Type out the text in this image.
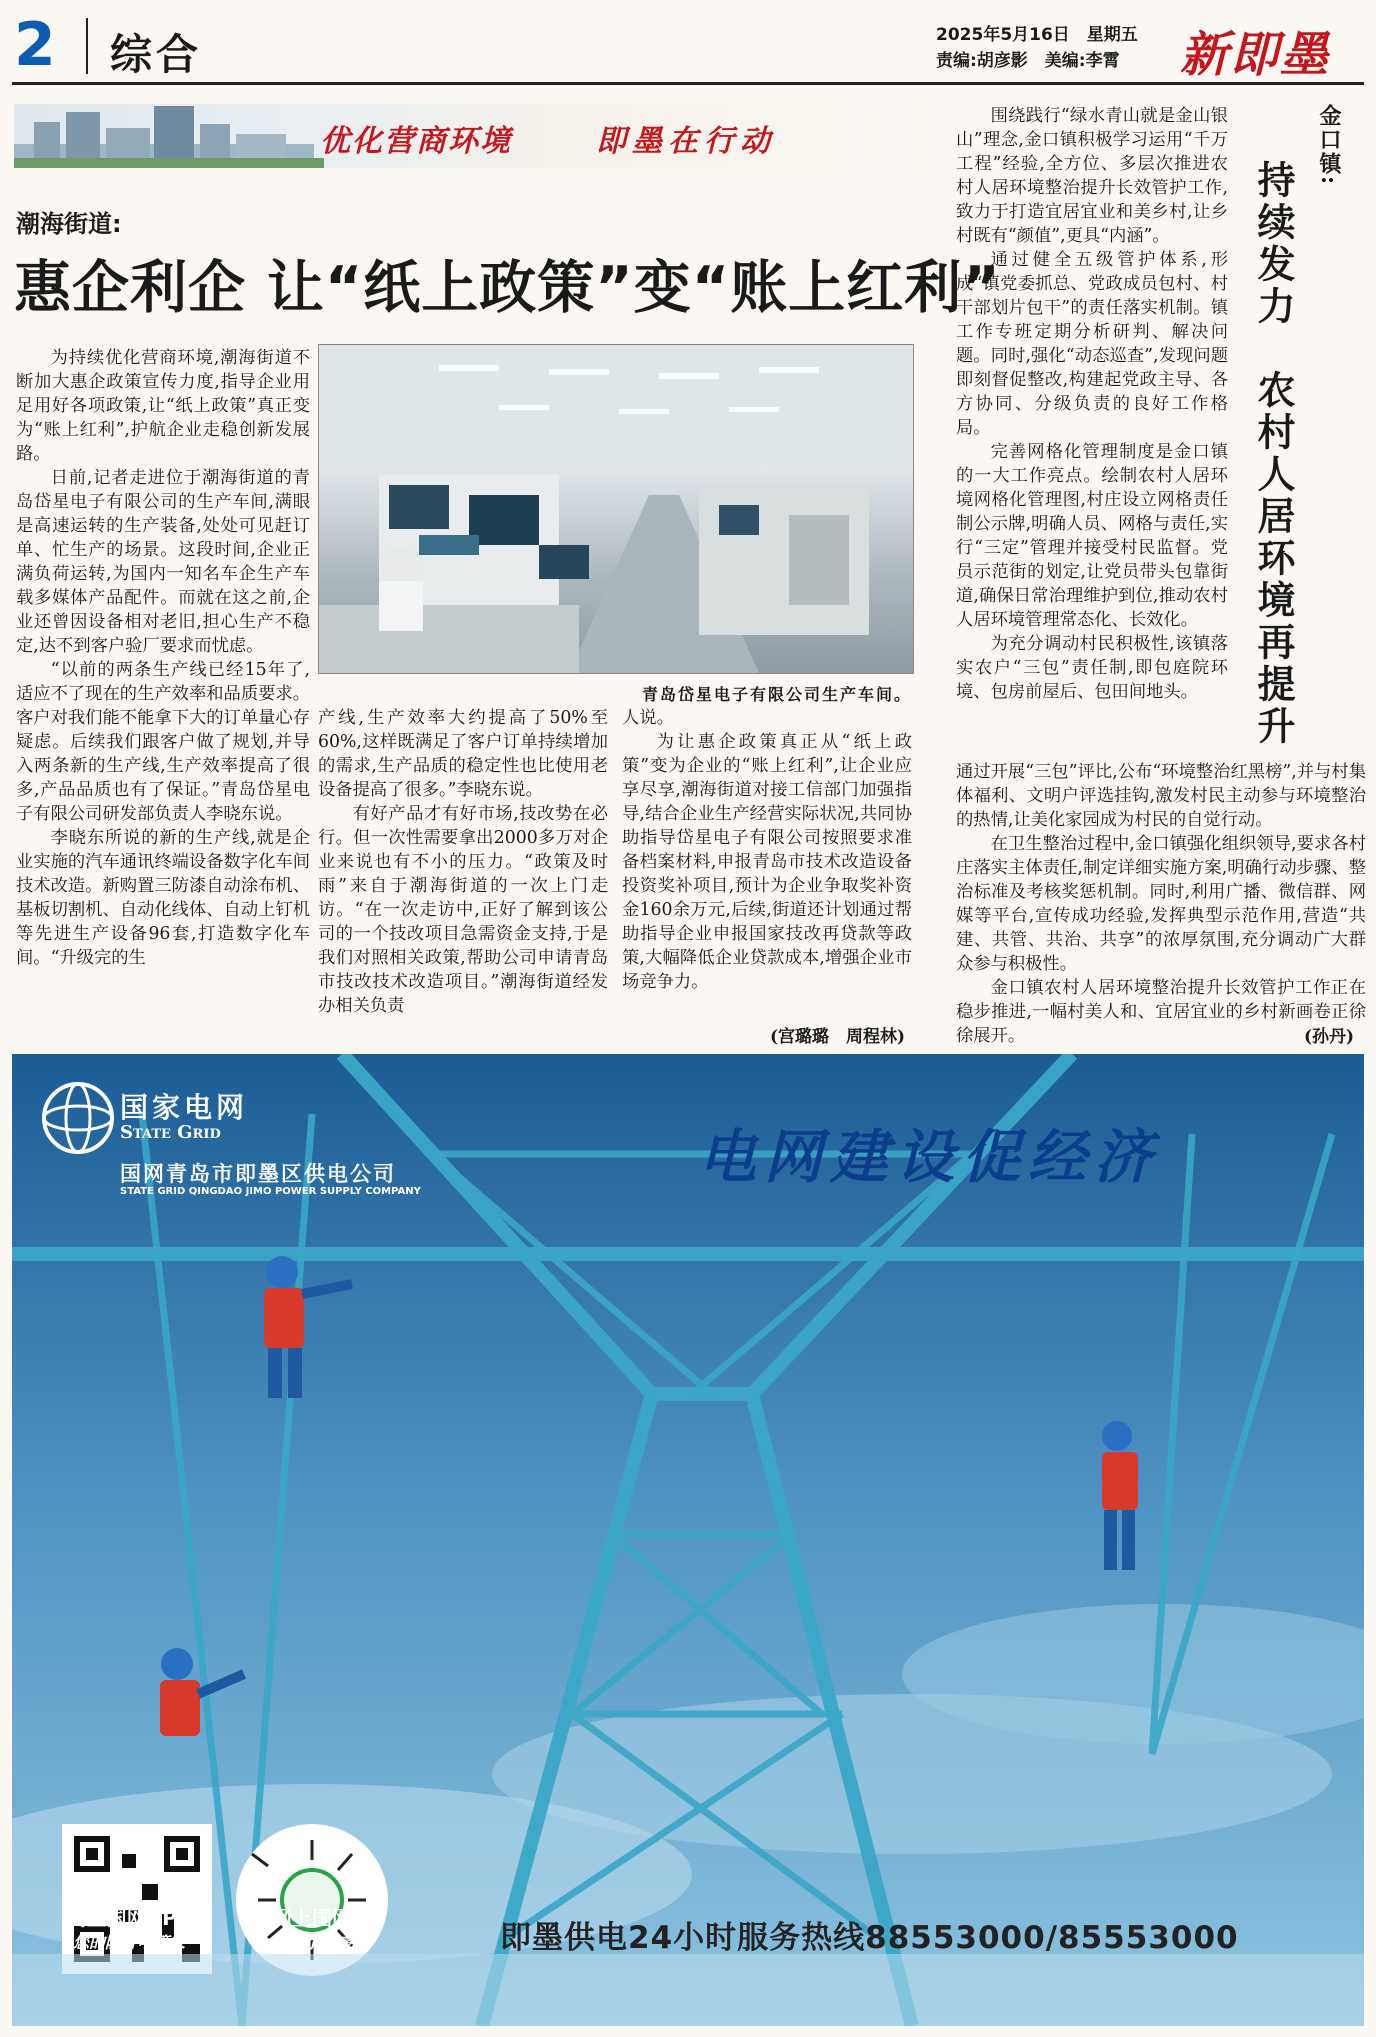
2	综合	2025年5月16日　星期五
责编:胡彦影　美编:李霄	新即墨
优化营商环境	即墨在行动
潮海街道:
惠企利企 让“纸上政策”变“账上红利”

为持续优化营商环境,潮海街道不断加大惠企政策宣传力度,指导企业用足用好各项政策,让“纸上政策”真正变为“账上红利”,护航企业走稳创新发展路。

日前,记者走进位于潮海街道的青岛岱星电子有限公司的生产车间,满眼是高速运转的生产装备,处处可见赶订单、忙生产的场景。这段时间,企业正满负荷运转,为国内一知名车企生产车载多媒体产品配件。而就在这之前,企业还曾因设备相对老旧,担心生产不稳定,达不到客户验厂要求而忧虑。

“以前的两条生产线已经15年了,适应不了现在的生产效率和品质要求。客户对我们能不能拿下大的订单量心存疑虑。后续我们跟客户做了规划,并导入两条新的生产线,生产效率提高了很多,产品品质也有了保证。”青岛岱星电子有限公司研发部负责人李晓东说。

李晓东所说的新的生产线,就是企业实施的汽车通讯终端设备数字化车间技术改造。新购置三防漆自动涂布机、基板切割机、自动化线体、自动上钉机等先进生产设备96套,打造数字化车间。“升级完的生

青岛岱星电子有限公司生产车间。

产线,生产效率大约提高了50%至60%,这样既满足了客户订单持续增加的需求,生产品质的稳定性也比使用老设备提高了很多。”李晓东说。

有好产品才有好市场,技改势在必行。但一次性需要拿出2000多万对企业来说也有不小的压力。“政策及时雨”来自于潮海街道的一次上门走访。“在一次走访中,正好了解到该公司的一个技改项目急需资金支持,于是我们对照相关政策,帮助公司申请青岛市技改技术改造项目。”潮海街道经发办相关负责

人说。

为让惠企政策真正从“纸上政策”变为企业的“账上红利”,让企业应享尽享,潮海街道对接工信部门加强指导,结合企业生产经营实际状况,共同协助指导岱星电子有限公司按照要求准备档案材料,申报青岛市技术改造设备投资奖补项目,预计为企业争取奖补资金160余万元,后续,街道还计划通过帮助指导企业申报国家技改再贷款等政策,大幅降低企业贷款成本,增强企业市场竞争力。

(宫璐璐　周程林)
金口镇:
持续发力　农村人居环境再提升

围绕践行“绿水青山就是金山银山”理念,金口镇积极学习运用“千万工程”经验,全方位、多层次推进农村人居环境整治提升长效管护工作,致力于打造宜居宜业和美乡村,让乡村既有“颜值”,更具“内涵”。

通过健全五级管护体系,形成“镇党委抓总、党政成员包村、村干部划片包干”的责任落实机制。镇工作专班定期分析研判、解决问题。同时,强化“动态巡查”,发现问题即刻督促整改,构建起党政主导、各方协同、分级负责的良好工作格局。

完善网格化管理制度是金口镇的一大工作亮点。绘制农村人居环境网格化管理图,村庄设立网格责任制公示牌,明确人员、网格与责任,实行“三定”管理并接受村民监督。党员示范街的划定,让党员带头包靠街道,确保日常治理维护到位,推动农村人居环境管理常态化、长效化。

为充分调动村民积极性,该镇落实农户“三包”责任制,即包庭院环境、包房前屋后、包田间地头。

通过开展“三包”评比,公布“环境整治红黑榜”,并与村集体福利、文明户评选挂钩,激发村民主动参与环境整治的热情,让美化家园成为村民的自觉行动。

在卫生整治过程中,金口镇强化组织领导,要求各村庄落实主体责任,制定详细实施方案,明确行动步骤、整治标准及考核奖惩机制。同时,利用广播、微信群、网媒等平台,宣传成功经验,发挥典型示范作用,营造“共建、共管、共治、共享”的浓厚氛围,充分调动广大群众参与积极性。

金口镇农村人居环境整治提升长效管护工作正在稳步推进,一幅村美人和、宜居宜业的乡村新画卷正徐徐展开。	(孙丹)
国家电网
State Grid
国网青岛市即墨区供电公司
STATE GRID QINGDAO JIMO POWER SUPPLY COMPANY
电网建设促经济
网上国网APP
您的随身电管家
网上国网
微信小程序	即墨供电24小时服务热线88553000/85553000
